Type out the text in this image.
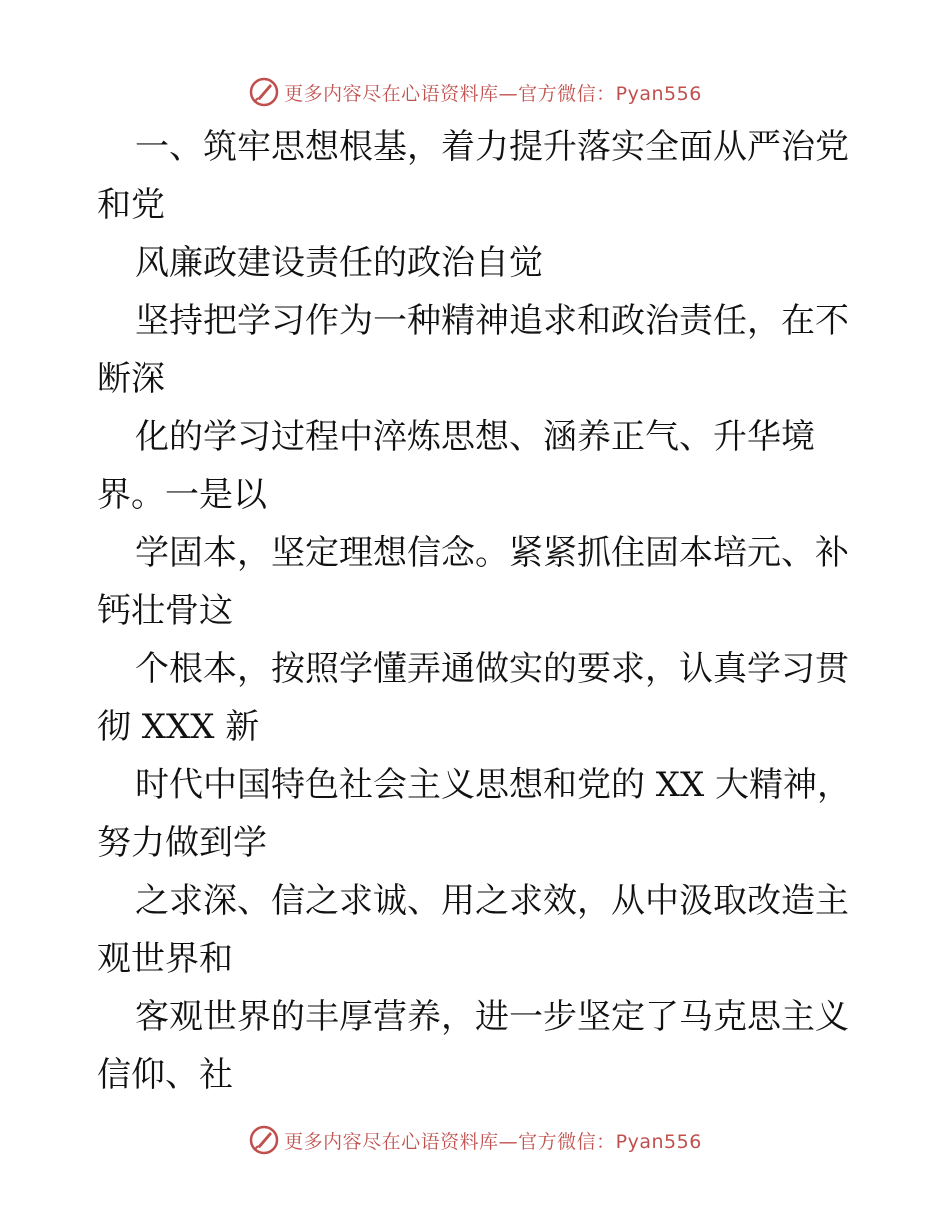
更多内容尽在心语资料库—官方微信：Pyan556
一、筑牢思想根基，着力提升落实全面从严治党
和党
风廉政建设责任的政治自觉
坚持把学习作为一种精神追求和政治责任，在不
断深
化的学习过程中淬炼思想、涵养正气、升华境
界。一是以
学固本，坚定理想信念。紧紧抓住固本培元、补
钙壮骨这
个根本，按照学懂弄通做实的要求，认真学习贯
彻 XXX 新
时代中国特色社会主义思想和党的 XX 大精神，
努力做到学
之求深、信之求诚、用之求效，从中汲取改造主
观世界和
客观世界的丰厚营养，进一步坚定了马克思主义
信仰、社
更多内容尽在心语资料库—官方微信：Pyan556
